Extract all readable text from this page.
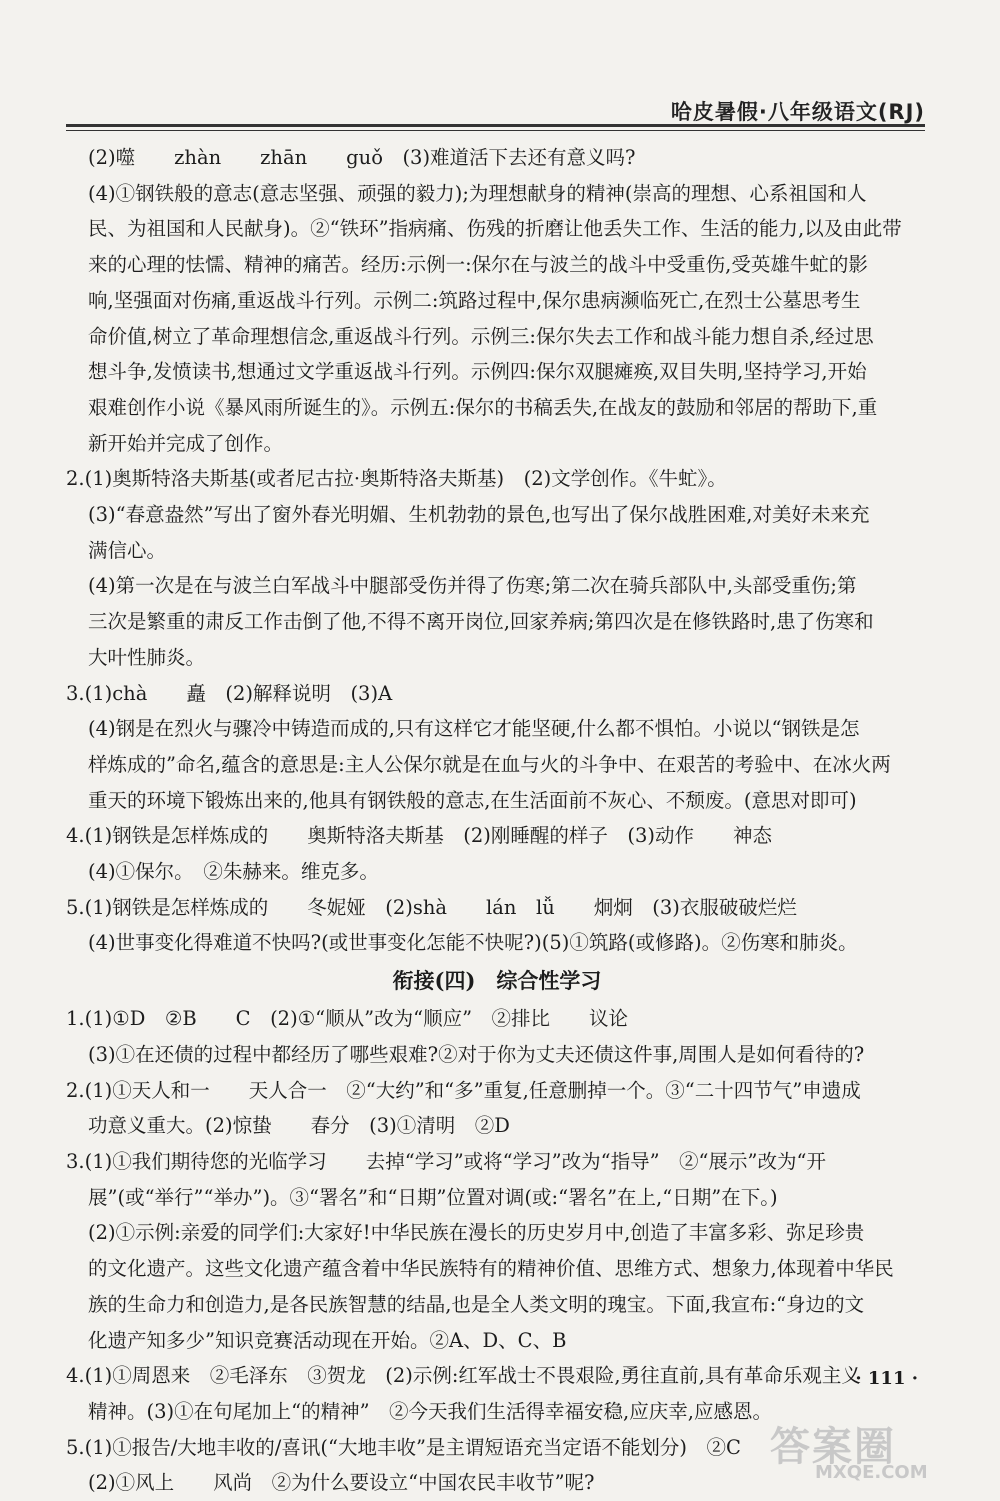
哈皮暑假·八年级语文(RJ)

(2)噬　　zhàn　　zhān　　guǒ　(3)难道活下去还有意义吗?

(4)①钢铁般的意志(意志坚强、顽强的毅力);为理想献身的精神(崇高的理想、心系祖国和人

民、为祖国和人民献身)。②“铁环”指病痛、伤残的折磨让他丢失工作、生活的能力,以及由此带

来的心理的怯懦、精神的痛苦。经历:示例一:保尔在与波兰的战斗中受重伤,受英雄牛虻的影

响,坚强面对伤痛,重返战斗行列。示例二:筑路过程中,保尔患病濒临死亡,在烈士公墓思考生

命价值,树立了革命理想信念,重返战斗行列。示例三:保尔失去工作和战斗能力想自杀,经过思

想斗争,发愤读书,想通过文学重返战斗行列。示例四:保尔双腿瘫痪,双目失明,坚持学习,开始

艰难创作小说《暴风雨所诞生的》。示例五:保尔的书稿丢失,在战友的鼓励和邻居的帮助下,重

新开始并完成了创作。

2.(1)奥斯特洛夫斯基(或者尼古拉·奥斯特洛夫斯基)　(2)文学创作。《牛虻》。

(3)“春意盎然”写出了窗外春光明媚、生机勃勃的景色,也写出了保尔战胜困难,对美好未来充

满信心。

(4)第一次是在与波兰白军战斗中腿部受伤并得了伤寒;第二次在骑兵部队中,头部受重伤;第

三次是繁重的肃反工作击倒了他,不得不离开岗位,回家养病;第四次是在修铁路时,患了伤寒和

大叶性肺炎。

3.(1)chà　　矗　(2)解释说明　(3)A

(4)钢是在烈火与骤冷中铸造而成的,只有这样它才能坚硬,什么都不惧怕。小说以“钢铁是怎

样炼成的”命名,蕴含的意思是:主人公保尔就是在血与火的斗争中、在艰苦的考验中、在冰火两

重天的环境下锻炼出来的,他具有钢铁般的意志,在生活面前不灰心、不颓废。(意思对即可)

4.(1)钢铁是怎样炼成的　　奥斯特洛夫斯基　(2)刚睡醒的样子　(3)动作　　神态

(4)①保尔。　②朱赫来。维克多。

5.(1)钢铁是怎样炼成的　　冬妮娅　(2)shà　　lán　lǚ　　炯炯　(3)衣服破破烂烂

(4)世事变化得难道不快吗?(或世事变化怎能不快呢?)(5)①筑路(或修路)。②伤寒和肺炎。

衔接(四)　综合性学习

1.(1)①D　②B　　C　(2)①“顺从”改为“顺应”　②排比　　议论

(3)①在还债的过程中都经历了哪些艰难?②对于你为丈夫还债这件事,周围人是如何看待的?

2.(1)①天人和一　　天人合一　②“大约”和“多”重复,任意删掉一个。③“二十四节气”申遗成

功意义重大。(2)惊蛰　　春分　(3)①清明　②D

3.(1)①我们期待您的光临学习　　去掉“学习”或将“学习”改为“指导”　②“展示”改为“开

展”(或“举行”“举办”)。③“署名”和“日期”位置对调(或:“署名”在上,“日期”在下。)

(2)①示例:亲爱的同学们:大家好!中华民族在漫长的历史岁月中,创造了丰富多彩、弥足珍贵

的文化遗产。这些文化遗产蕴含着中华民族特有的精神价值、思维方式、想象力,体现着中华民

族的生命力和创造力,是各民族智慧的结晶,也是全人类文明的瑰宝。下面,我宣布:“身边的文

化遗产知多少”知识竞赛活动现在开始。②A、D、C、B

4.(1)①周恩来　②毛泽东　③贺龙　(2)示例:红军战士不畏艰险,勇往直前,具有革命乐观主义

精神。(3)①在句尾加上“的精神”　②今天我们生活得幸福安稳,应庆幸,应感恩。

5.(1)①报告/大地丰收的/喜讯(“大地丰收”是主谓短语充当定语不能划分)　②C

(2)①风上　　风尚　②为什么要设立“中国农民丰收节”呢?

· 111 ·
答案圈
MXQE.COM
